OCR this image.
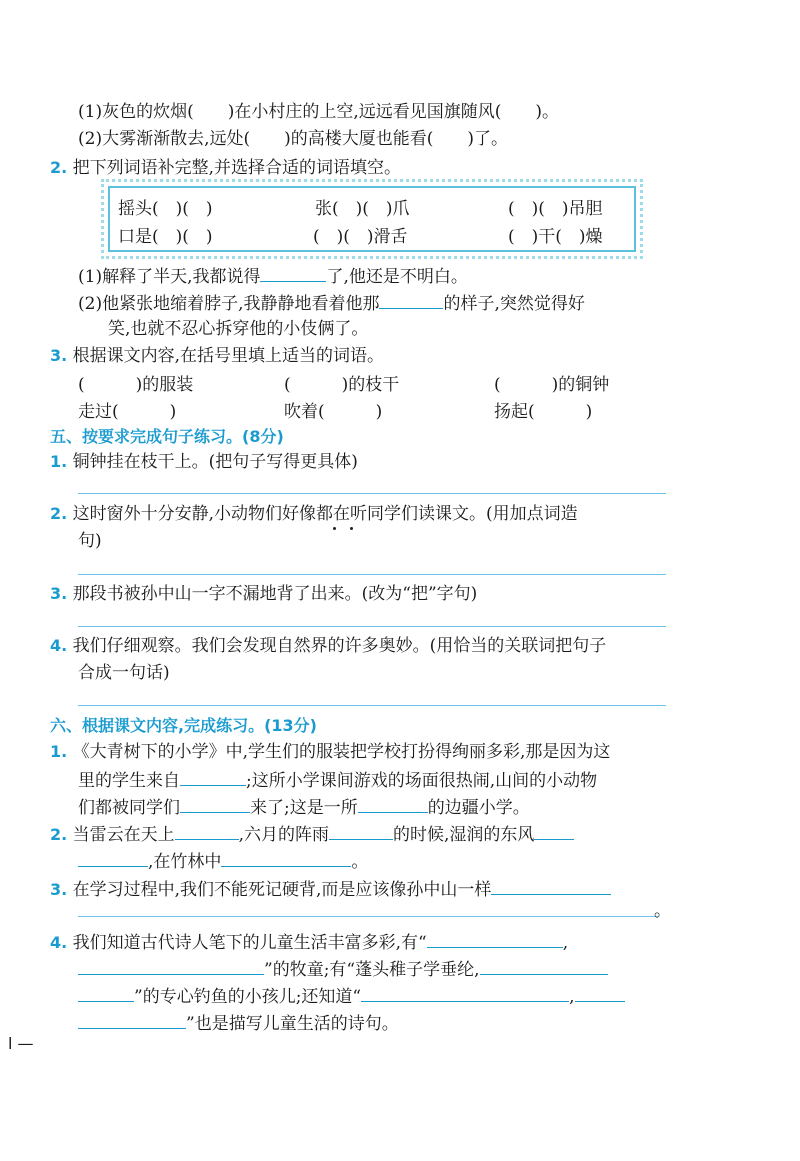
(1)灰色的炊烟(　　)在小村庄的上空,远远看见国旗随风(　　)。
(2)大雾渐渐散去,远处(　　)的高楼大厦也能看(　　)了。
2. 把下列词语补完整,并选择合适的词语填空。
摇头(　)(　)	张(　)(　)爪	(　)(　)吊胆
口是(　)(　)	(　)(　)滑舌	(　)干(　)燥
(1)解释了半天,我都说得	了,他还是不明白。
(2)他紧张地缩着脖子,我静静地看着他那	的样子,突然觉得好
笑,也就不忍心拆穿他的小伎俩了。
3. 根据课文内容,在括号里填上适当的词语。
(　　　)的服装	(　　　)的枝干	(　　　)的铜钟
走过(　　　)	吹着(　　　)	扬起(　　　)
五、按要求完成句子练习。(8分)
1. 铜钟挂在枝干上。(把句子写得更具体)
2. 这时窗外十分安静,小动物们好像都在听同学们读课文。(用加点词造
句)
3. 那段书被孙中山一字不漏地背了出来。(改为“把”字句)
4. 我们仔细观察。我们会发现自然界的许多奥妙。(用恰当的关联词把句子
合成一句话)
六、根据课文内容,完成练习。(13分)
1. 《大青树下的小学》中,学生们的服装把学校打扮得绚丽多彩,那是因为这
里的学生来自	;这所小学课间游戏的场面很热闹,山间的小动物
们都被同学们	来了;这是一所	的边疆小学。
2. 当雷云在天上	,六月的阵雨	的时候,湿润的东风
,在竹林中	。
3. 在学习过程中,我们不能死记硬背,而是应该像孙中山一样
。
4. 我们知道古代诗人笔下的儿童生活丰富多彩,有“	,
”的牧童;有“蓬头稚子学垂纶,
”的专心钓鱼的小孩儿;还知道“	,
”也是描写儿童生活的诗句。
l —
